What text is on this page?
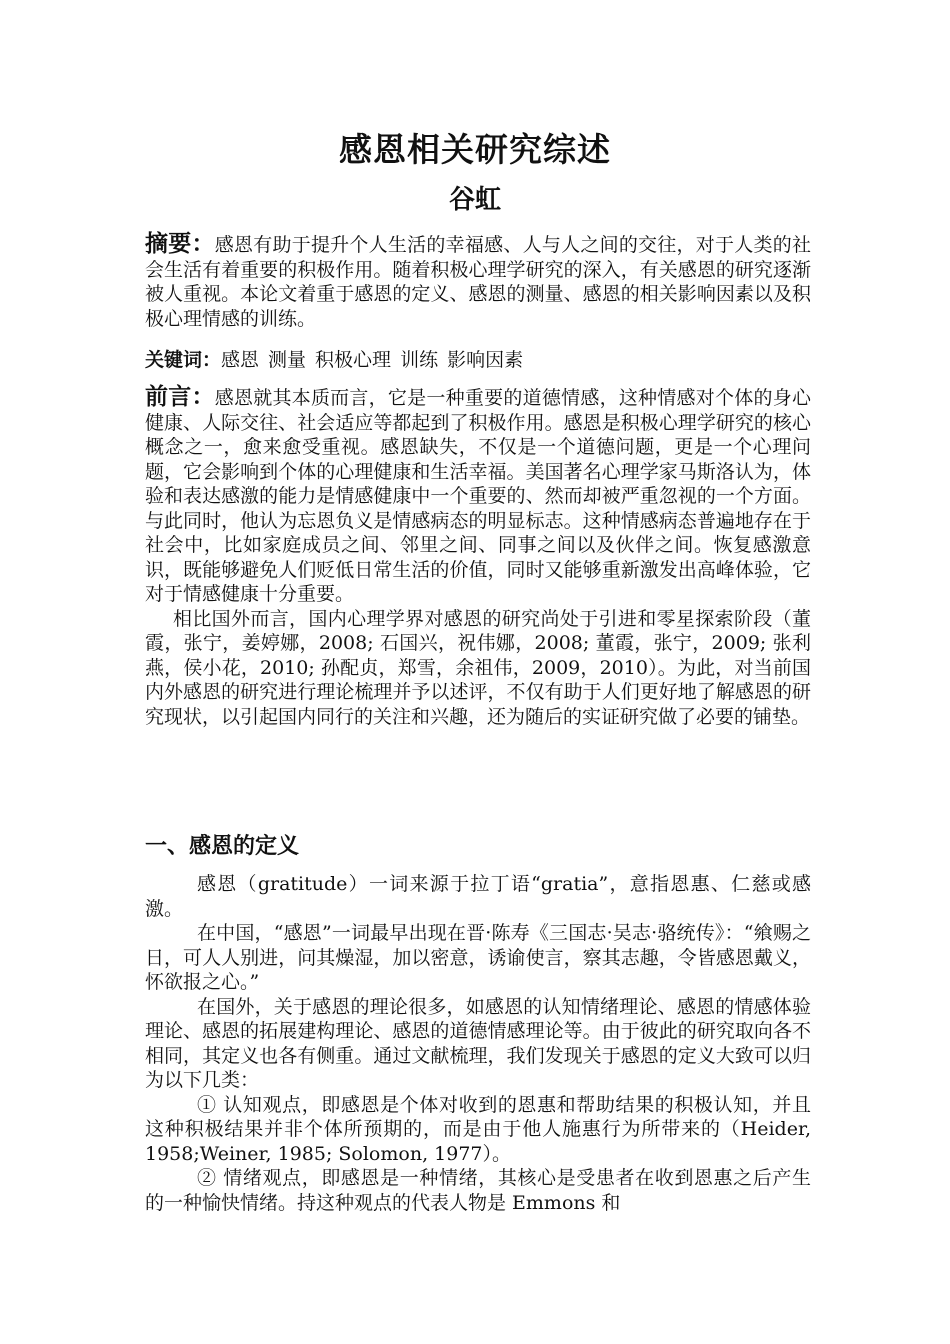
感恩相关研究综述
谷虹

摘要：感恩有助于提升个人生活的幸福感、人与人之间的交往，对于人类的社会生活有着重要的积极作用。随着积极心理学研究的深入，有关感恩的研究逐渐被人重视。本论文着重于感恩的定义、感恩的测量、感恩的相关影响因素以及积极心理情感的训练。

关键词：感恩 测量 积极心理 训练 影响因素

前言：感恩就其本质而言，它是一种重要的道德情感，这种情感对个体的身心健康、人际交往、社会适应等都起到了积极作用。感恩是积极心理学研究的核心概念之一，愈来愈受重视。感恩缺失，不仅是一个道德问题，更是一个心理问题，它会影响到个体的心理健康和生活幸福。美国著名心理学家马斯洛认为，体验和表达感激的能力是情感健康中一个重要的、然而却被严重忽视的一个方面。与此同时，他认为忘恩负义是情感病态的明显标志。这种情感病态普遍地存在于社会中，比如家庭成员之间、邻里之间、同事之间以及伙伴之间。恢复感激意识，既能够避免人们贬低日常生活的价值，同时又能够重新激发出高峰体验，它对于情感健康十分重要。

相比国外而言，国内心理学界对感恩的研究尚处于引进和零星探索阶段（董霞，张宁，姜婷娜，2008; 石国兴，祝伟娜，2008; 董霞，张宁，2009; 张利燕，侯小花，2010; 孙配贞，郑雪，余祖伟，2009，2010）。为此，对当前国内外感恩的研究进行理论梳理并予以述评，不仅有助于人们更好地了解感恩的研究现状，以引起国内同行的关注和兴趣，还为随后的实证研究做了必要的铺垫。

一、感恩的定义

感恩（gratitude）一词来源于拉丁语“gratia”，意指恩惠、仁慈或感激。

在中国，“感恩”一词最早出现在晋·陈寿《三国志·吴志·骆统传》：“飨赐之日，可人人别进，问其燥湿，加以密意，诱谕使言，察其志趣，令皆感恩戴义，怀欲报之心。”

在国外，关于感恩的理论很多，如感恩的认知情绪理论、感恩的情感体验理论、感恩的拓展建构理论、感恩的道德情感理论等。由于彼此的研究取向各不相同，其定义也各有侧重。通过文献梳理，我们发现关于感恩的定义大致可以归为以下几类：

① 认知观点，即感恩是个体对收到的恩惠和帮助结果的积极认知，并且这种积极结果并非个体所预期的，而是由于他人施惠行为所带来的（Heider, 1958;Weiner, 1985; Solomon, 1977）。

② 情绪观点，即感恩是一种情绪，其核心是受患者在收到恩惠之后产生的一种愉快情绪。持这种观点的代表人物是 Emmons 和
